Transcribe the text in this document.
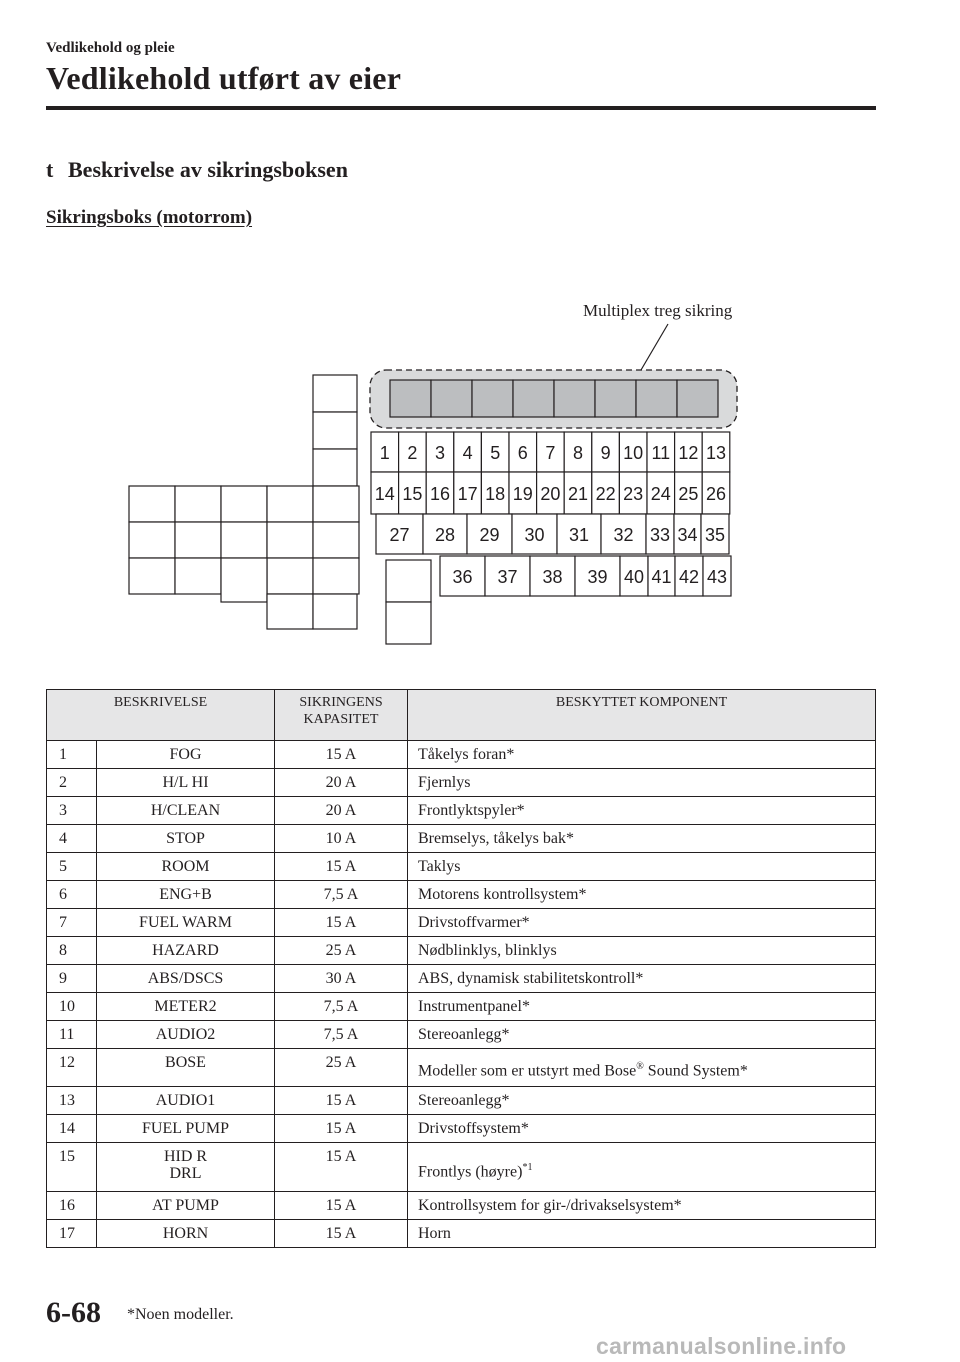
Vedlikehold og pleie
Vedlikehold utført av eier
t Beskrivelse av sikringsboksen
Sikringsboks (motorrom)
Multiplex treg sikring
1 2 3 4 5 6 7 8 9 10 11 12 13
14 15 16 17 18 19 20 21 22 23 24 25 26
27 28 29 30 31 32 33 34 35
36 37 38 39 40 41 42 43
BESKRIVELSE		SIKRINGENS
KAPASITET	BESKYTTET KOMPONENT
1	FOG	15 A	Tåkelys foran*
2	H/L HI	20 A	Fjernlys
3	H/CLEAN	20 A	Frontlyktspyler*
4	STOP	10 A	Bremselys, tåkelys bak*
5	ROOM	15 A	Taklys
6	ENG+B	7,5 A	Motorens kontrollsystem*
7	FUEL WARM	15 A	Drivstoffvarmer*
8	HAZARD	25 A	Nødblinklys, blinklys
9	ABS/DSCS	30 A	ABS, dynamisk stabilitetskontroll*
10	METER2	7,5 A	Instrumentpanel*
11	AUDIO2	7,5 A	Stereoanlegg*
12	BOSE	25 A	Modeller som er utstyrt med Bose® Sound System*
13	AUDIO1	15 A	Stereoanlegg*
14	FUEL PUMP	15 A	Drivstoffsystem*
15	HID R
DRL	15 A	Frontlys (høyre)$^{*1}$
16	AT PUMP	15 A	Kontrollsystem for gir-/drivakselsystem*
17	HORN	15 A	Horn
6-68 *Noen modeller.
carmanualsonline.info
